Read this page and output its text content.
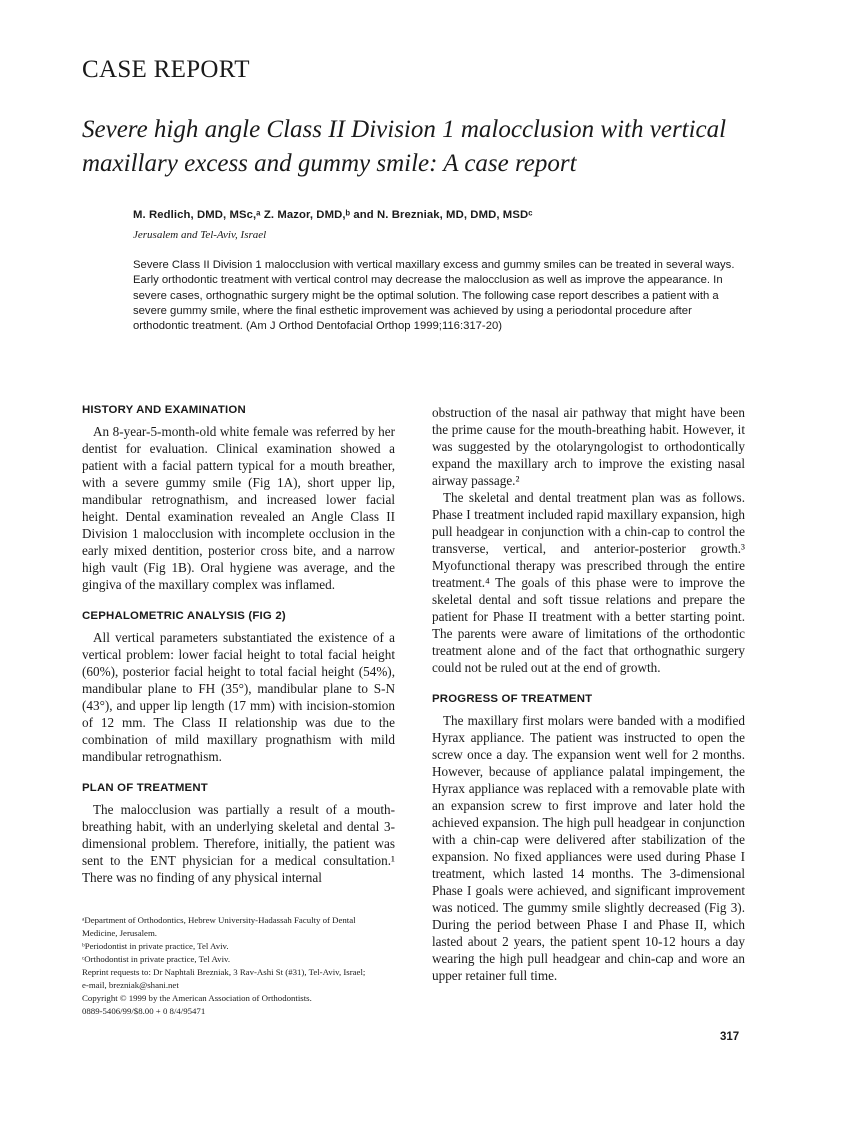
CASE REPORT
Severe high angle Class II Division 1 malocclusion with vertical
maxillary excess and gummy smile: A case report
M. Redlich, DMD, MSc,ᵃ Z. Mazor, DMD,ᵇ and N. Brezniak, MD, DMD, MSDᶜ
Jerusalem and Tel-Aviv, Israel
Severe Class II Division 1 malocclusion with vertical maxillary excess and gummy smiles can be treated in several ways. Early orthodontic treatment with vertical control may decrease the malocclusion as well as improve the appearance. In severe cases, orthognathic surgery might be the optimal solution. The following case report describes a patient with a severe gummy smile, where the final esthetic improvement was achieved by using a periodontal procedure after orthodontic treatment. (Am J Orthod Dentofacial Orthop 1999;116:317-20)
HISTORY AND EXAMINATION

An 8-year-5-month-old white female was referred by her dentist for evaluation. Clinical examination showed a patient with a facial pattern typical for a mouth breather, with a severe gummy smile (Fig 1A), short upper lip, mandibular retrognathism, and increased lower facial height. Dental examination revealed an Angle Class II Division 1 malocclusion with incomplete occlusion in the early mixed dentition, posterior cross bite, and a narrow high vault (Fig 1B). Oral hygiene was average, and the gingiva of the maxillary complex was inflamed.

CEPHALOMETRIC ANALYSIS (FIG 2)

All vertical parameters substantiated the existence of a vertical problem: lower facial height to total facial height (60%), posterior facial height to total facial height (54%), mandibular plane to FH (35°), mandibular plane to S-N (43°), and upper lip length (17 mm) with incision-stomion of 12 mm. The Class II relationship was due to the combination of mild maxillary prognathism with mild mandibular retrognathism.

PLAN OF TREATMENT

The malocclusion was partially a result of a mouth-breathing habit, with an underlying skeletal and dental 3-dimensional problem. Therefore, initially, the patient was sent to the ENT physician for a medical consultation.¹ There was no finding of any physical internal

obstruction of the nasal air pathway that might have been the prime cause for the mouth-breathing habit. However, it was suggested by the otolaryngologist to orthodontically expand the maxillary arch to improve the existing nasal airway passage.²

The skeletal and dental treatment plan was as follows. Phase I treatment included rapid maxillary expansion, high pull headgear in conjunction with a chin-cap to control the transverse, vertical, and anterior-posterior growth.³ Myofunctional therapy was prescribed through the entire treatment.⁴ The goals of this phase were to improve the skeletal dental and soft tissue relations and prepare the patient for Phase II treatment with a better starting point. The parents were aware of limitations of the orthodontic treatment alone and of the fact that orthognathic surgery could not be ruled out at the end of growth.

PROGRESS OF TREATMENT

The maxillary first molars were banded with a modified Hyrax appliance. The patient was instructed to open the screw once a day. The expansion went well for 2 months. However, because of appliance palatal impingement, the Hyrax appliance was replaced with a removable plate with an expansion screw to first improve and later hold the achieved expansion. The high pull headgear in conjunction with a chin-cap were delivered after stabilization of the expansion. No fixed appliances were used during Phase I treatment, which lasted 14 months. The 3-dimensional Phase I goals were achieved, and significant improvement was noticed. The gummy smile slightly decreased (Fig 3). During the period between Phase I and Phase II, which lasted about 2 years, the patient spent 10-12 hours a day wearing the high pull headgear and chin-cap and wore an upper retainer full time.

ᵃDepartment of Orthodontics, Hebrew University-Hadassah Faculty of Dental
Medicine, Jerusalem.
ᵇPeriodontist in private practice, Tel Aviv.
ᶜOrthodontist in private practice, Tel Aviv.
Reprint requests to: Dr Naphtali Brezniak, 3 Rav-Ashi St (#31), Tel-Aviv, Israel;
e-mail, brezniak@shani.net
Copyright © 1999 by the American Association of Orthodontists.
0889-5406/99/$8.00 + 0 8/4/95471
317
